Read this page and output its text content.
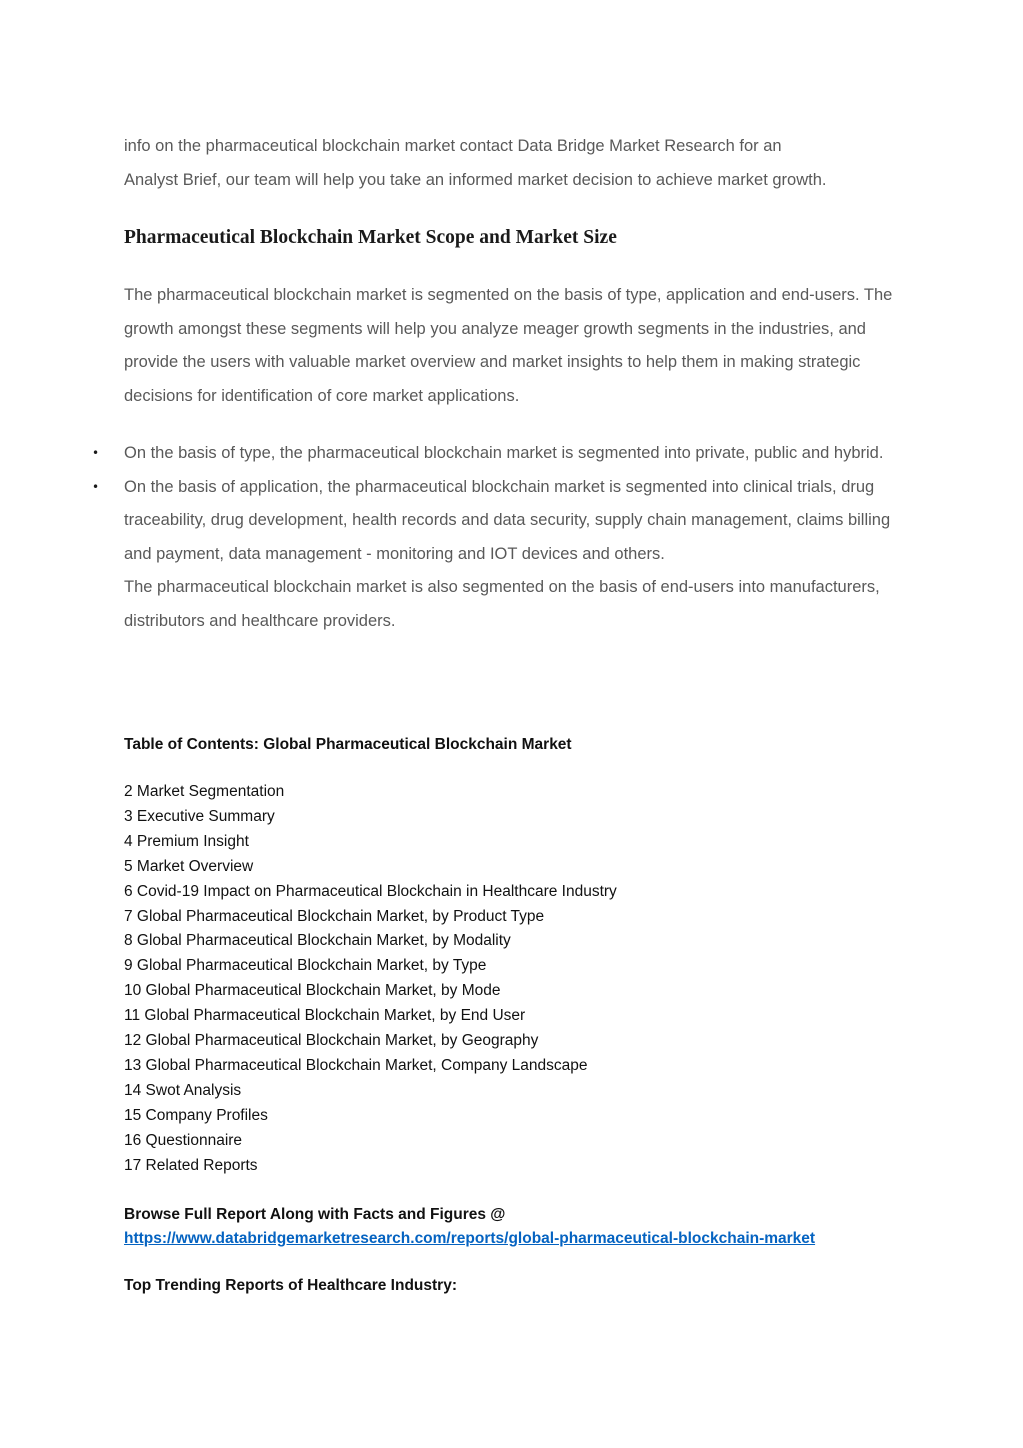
info on the pharmaceutical blockchain market contact Data Bridge Market Research for an
Analyst Brief, our team will help you take an informed market decision to achieve market growth.

Pharmaceutical Blockchain Market Scope and Market Size

The pharmaceutical blockchain market is segmented on the basis of type, application and end-users. The growth amongst these segments will help you analyze meager growth segments in the industries, and provide the users with valuable market overview and market insights to help them in making strategic decisions for identification of core market applications.

• On the basis of type, the pharmaceutical blockchain market is segmented into private, public and hybrid.
• On the basis of application, the pharmaceutical blockchain market is segmented into clinical trials, drug traceability, drug development, health records and data security, supply chain management, claims billing and payment, data management - monitoring and IOT devices and others.
The pharmaceutical blockchain market is also segmented on the basis of end-users into manufacturers, distributors and healthcare providers.
Table of Contents: Global Pharmaceutical Blockchain Market
2 Market Segmentation
3 Executive Summary
4 Premium Insight
5 Market Overview
6 Covid-19 Impact on Pharmaceutical Blockchain in Healthcare Industry
7 Global Pharmaceutical Blockchain Market, by Product Type
8 Global Pharmaceutical Blockchain Market, by Modality
9 Global Pharmaceutical Blockchain Market, by Type
10 Global Pharmaceutical Blockchain Market, by Mode
11 Global Pharmaceutical Blockchain Market, by End User
12 Global Pharmaceutical Blockchain Market, by Geography
13 Global Pharmaceutical Blockchain Market, Company Landscape
14 Swot Analysis
15 Company Profiles
16 Questionnaire
17 Related Reports

Browse Full Report Along with Facts and Figures @
https://www.databridgemarketresearch.com/reports/global-pharmaceutical-blockchain-market

Top Trending Reports of Healthcare Industry:
